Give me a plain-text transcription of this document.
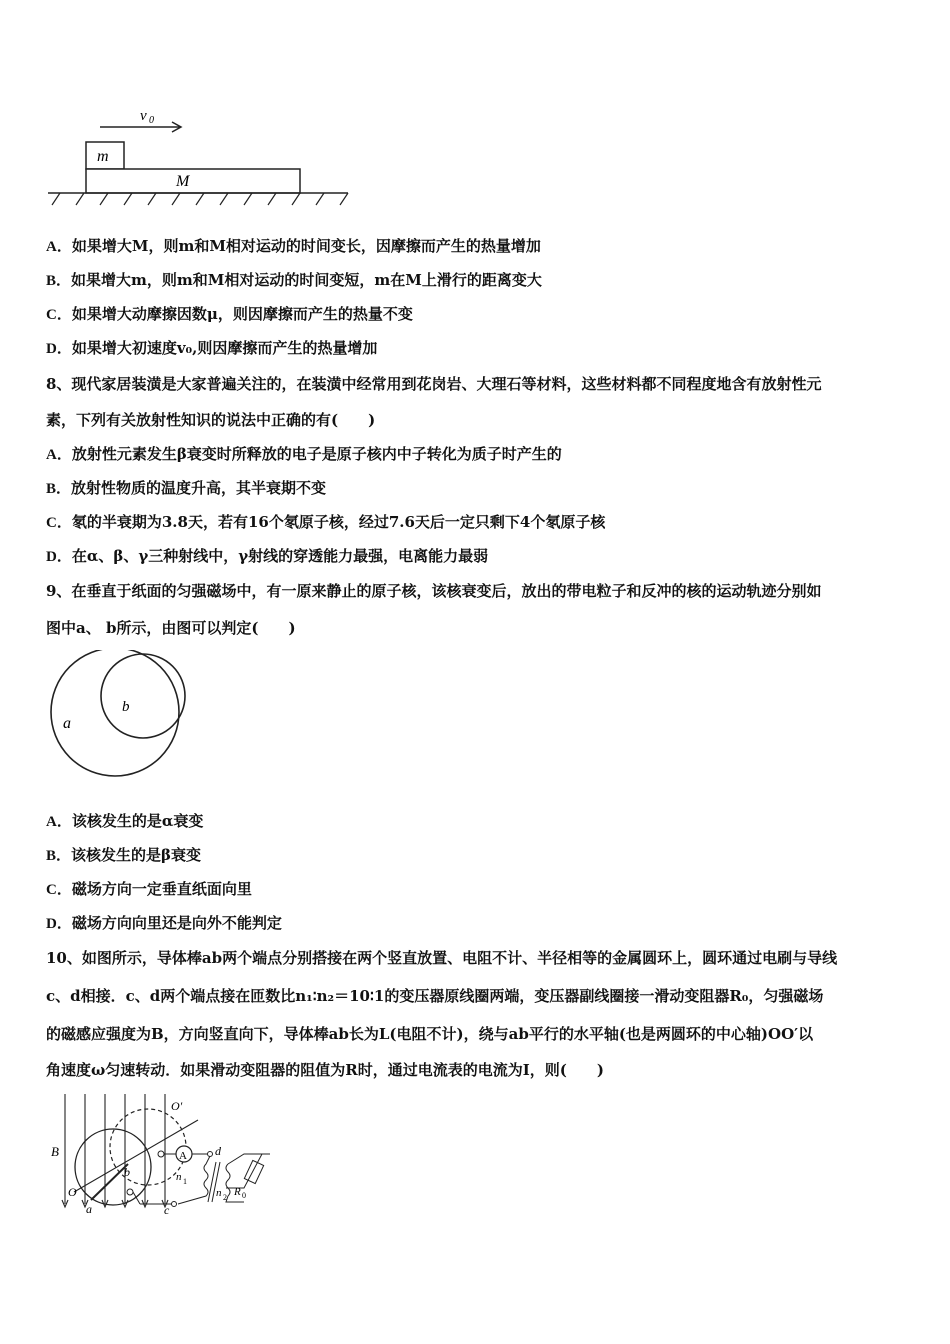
v 0
m
M
A．如果增大M，则m和M相对运动的时间变长，因摩擦而产生的热量增加
B．如果增大m，则m和M相对运动的时间变短，m在M上滑行的距离变大
C．如果增大动摩擦因数μ，则因摩擦而产生的热量不变
D．如果增大初速度v₀,则因摩擦而产生的热量增加
8、现代家居装潢是大家普遍关注的，在装潢中经常用到花岗岩、大理石等材料，这些材料都不同程度地含有放射性元
素，下列有关放射性知识的说法中正确的有(　　)
A．放射性元素发生β衰变时所释放的电子是原子核内中子转化为质子时产生的
B．放射性物质的温度升高，其半衰期不变
C．氡的半衰期为3.8天，若有16个氡原子核，经过7.6天后一定只剩下4个氡原子核
D．在α、β、γ三种射线中，γ射线的穿透能力最强，电离能力最弱
9、在垂直于纸面的匀强磁场中，有一原来静止的原子核，该核衰变后，放出的带电粒子和反冲的核的运动轨迹分别如
图中a、 b所示，由图可以判定(　　)
a
b
A．该核发生的是α衰变
B．该核发生的是β衰变
C．磁场方向一定垂直纸面向里
D．磁场方向向里还是向外不能判定
10、如图所示，导体棒ab两个端点分别搭接在两个竖直放置、电阻不计、半径相等的金属圆环上，圆环通过电刷与导线
c、d相接．c、d两个端点接在匝数比n₁∶n₂＝10∶1的变压器原线圈两端，变压器副线圈接一滑动变阻器R₀，匀强磁场
的磁感应强度为B，方向竖直向下，导体棒ab长为L(电阻不计)，绕与ab平行的水平轴(也是两圆环的中心轴)OO′以
角速度ω匀速转动．如果滑动变阻器的阻值为R时，通过电流表的电流为I，则(　　)
B
O
O′
a
b
A d
c
n 1
n 2 R 0
